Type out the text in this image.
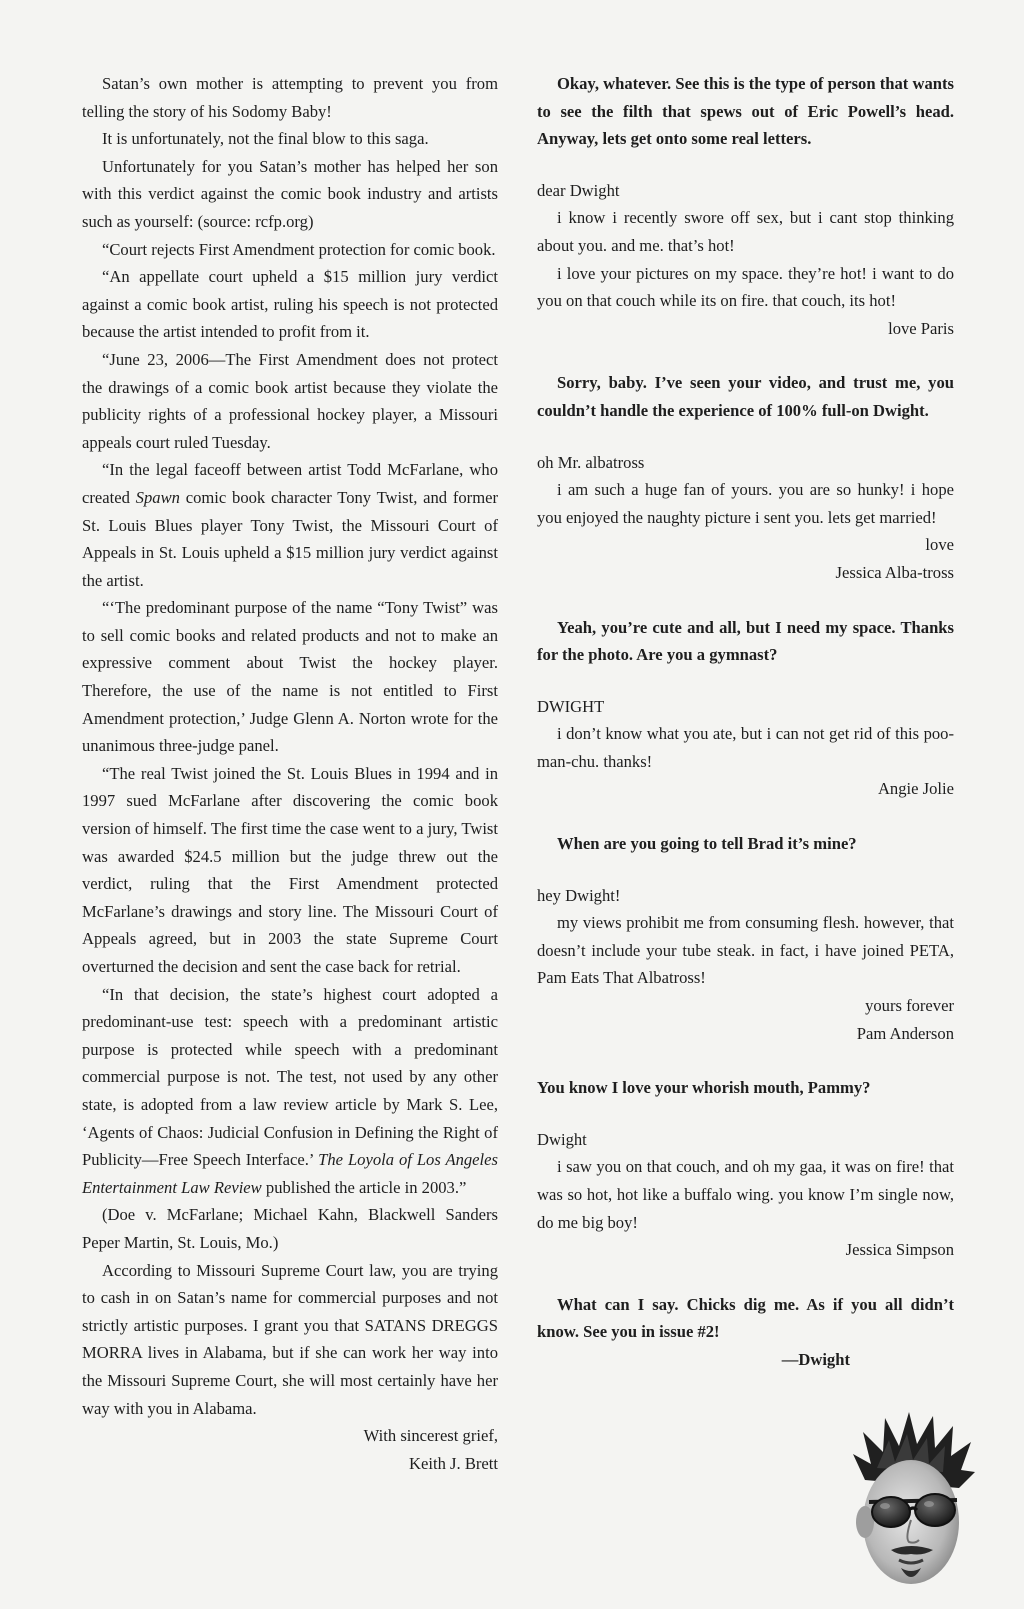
Satan’s own mother is attempting to prevent you from telling the story of his Sodomy Baby!

It is unfortunately, not the final blow to this saga.

Unfortunately for you Satan’s mother has helped her son with this verdict against the comic book industry and artists such as yourself: (source: rcfp.org)

“Court rejects First Amendment protection for comic book.

“An appellate court upheld a $15 million jury verdict against a comic book artist, ruling his speech is not protected because the artist intended to profit from it.

“June 23, 2006—The First Amendment does not protect the drawings of a comic book artist because they violate the publicity rights of a professional hockey player, a Missouri appeals court ruled Tuesday.

“In the legal faceoff between artist Todd McFarlane, who created Spawn comic book character Tony Twist, and former St. Louis Blues player Tony Twist, the Missouri Court of Appeals in St. Louis upheld a $15 million jury verdict against the artist.

“‘The predominant purpose of the name “Tony Twist” was to sell comic books and related products and not to make an expressive comment about Twist the hockey player. Therefore, the use of the name is not entitled to First Amendment protection,’ Judge Glenn A. Norton wrote for the unanimous three-judge panel.

“The real Twist joined the St. Louis Blues in 1994 and in 1997 sued McFarlane after discovering the comic book version of himself. The first time the case went to a jury, Twist was awarded $24.5 million but the judge threw out the verdict, ruling that the First Amendment protected McFarlane’s drawings and story line. The Missouri Court of Appeals agreed, but in 2003 the state Supreme Court overturned the decision and sent the case back for retrial.

“In that decision, the state’s highest court adopted a predominant-use test: speech with a predominant artistic purpose is protected while speech with a predominant commercial purpose is not. The test, not used by any other state, is adopted from a law review article by Mark S. Lee, ‘Agents of Chaos: Judicial Confusion in Defining the Right of Publicity—Free Speech Interface.’ The Loyola of Los Angeles Entertainment Law Review published the article in 2003.”

(Doe v. McFarlane; Michael Kahn, Blackwell Sanders Peper Martin, St. Louis, Mo.)

According to Missouri Supreme Court law, you are trying to cash in on Satan’s name for commercial purposes and not strictly artistic purposes. I grant you that SATANS DREGGS MORRA lives in Alabama, but if she can work her way into the Missouri Supreme Court, she will most certainly have her way with you in Alabama.

With sincerest grief,

Keith J. Brett

Okay, whatever. See this is the type of person that wants to see the filth that spews out of Eric Powell’s head. Anyway, lets get onto some real letters.

dear Dwight

i know i recently swore off sex, but i cant stop thinking about you. and me. that’s hot!

i love your pictures on my space. they’re hot! i want to do you on that couch while its on fire. that couch, its hot!

love Paris

Sorry, baby. I’ve seen your video, and trust me, you couldn’t handle the experience of 100% full-on Dwight.

oh Mr. albatross

i am such a huge fan of yours. you are so hunky! i hope you enjoyed the naughty picture i sent you. lets get married!

love

Jessica Alba-tross

Yeah, you’re cute and all, but I need my space. Thanks for the photo. Are you a gymnast?

DWIGHT

i don’t know what you ate, but i can not get rid of this poo-man-chu. thanks!

Angie Jolie

When are you going to tell Brad it’s mine?

hey Dwight!

my views prohibit me from consuming flesh. however, that doesn’t include your tube steak. in fact, i have joined PETA, Pam Eats That Albatross!

yours forever

Pam Anderson

You know I love your whorish mouth, Pammy?

Dwight

i saw you on that couch, and oh my gaa, it was on fire! that was so hot, hot like a buffalo wing. you know I’m single now, do me big boy!

Jessica Simpson

What can I say. Chicks dig me. As if you all didn’t know. See you in issue #2!

—Dwight
